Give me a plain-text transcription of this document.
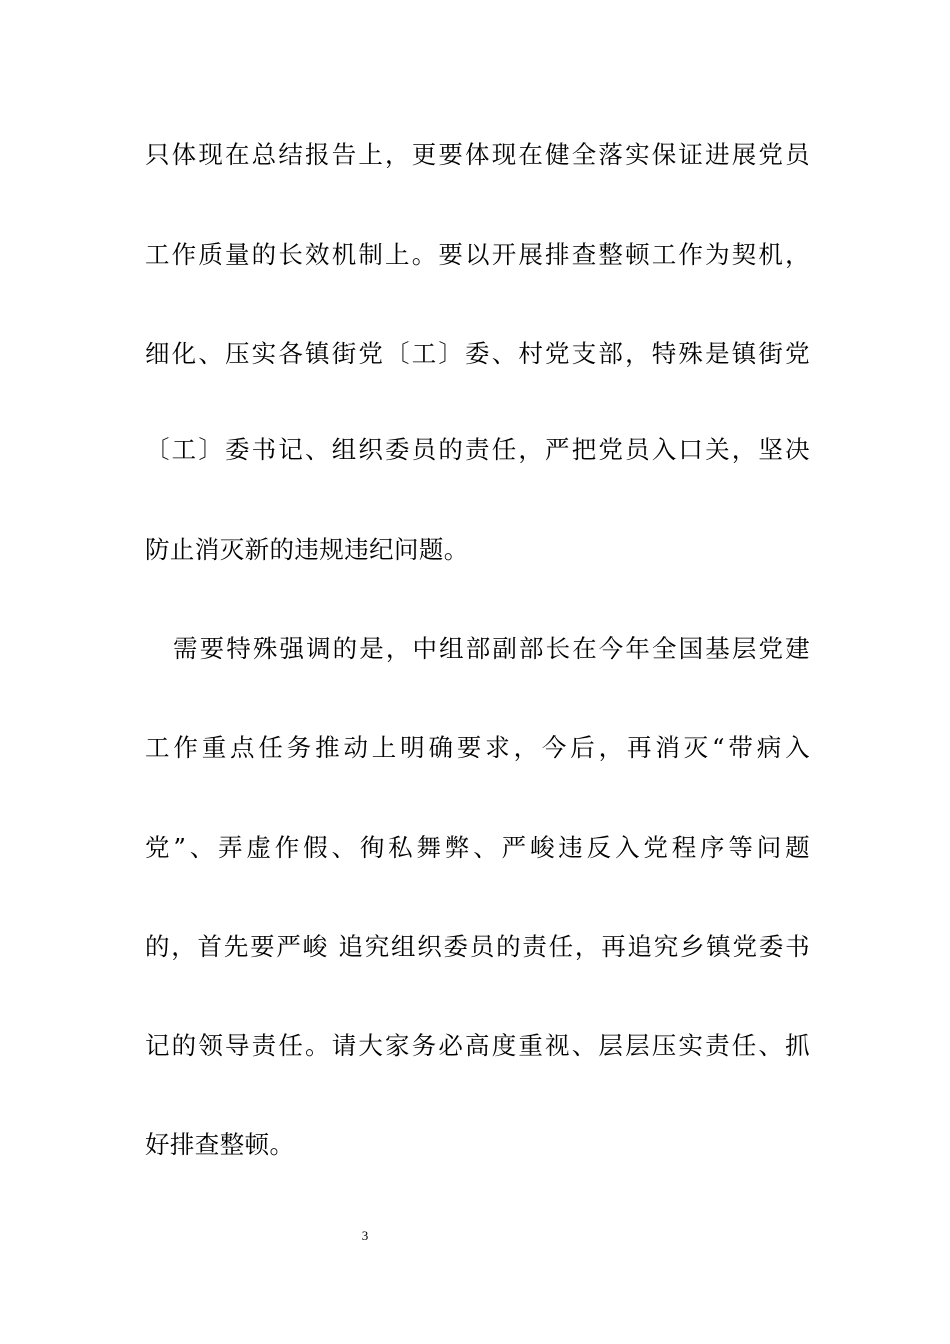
只体现在总结报告上，更要体现在健全落实保证进展党员
工作质量的长效机制上。要以开展排查整顿工作为契机，
细化、压实各镇街党〔工〕委、村党支部，特殊是镇街党
〔工〕委书记、组织委员的责任，严把党员入口关，坚决
防止消灭新的违规违纪问题。
需要特殊强调的是，中组部副部长在今年全国基层党建
工作重点任务推动上明确要求，今后，再消灭“带病入
党”、弄虚作假、徇私舞弊、严峻违反入党程序等问题
的，首先要严峻 追究组织委员的责任，再追究乡镇党委书
记的领导责任。请大家务必高度重视、层层压实责任、抓
好排查整顿。
3
